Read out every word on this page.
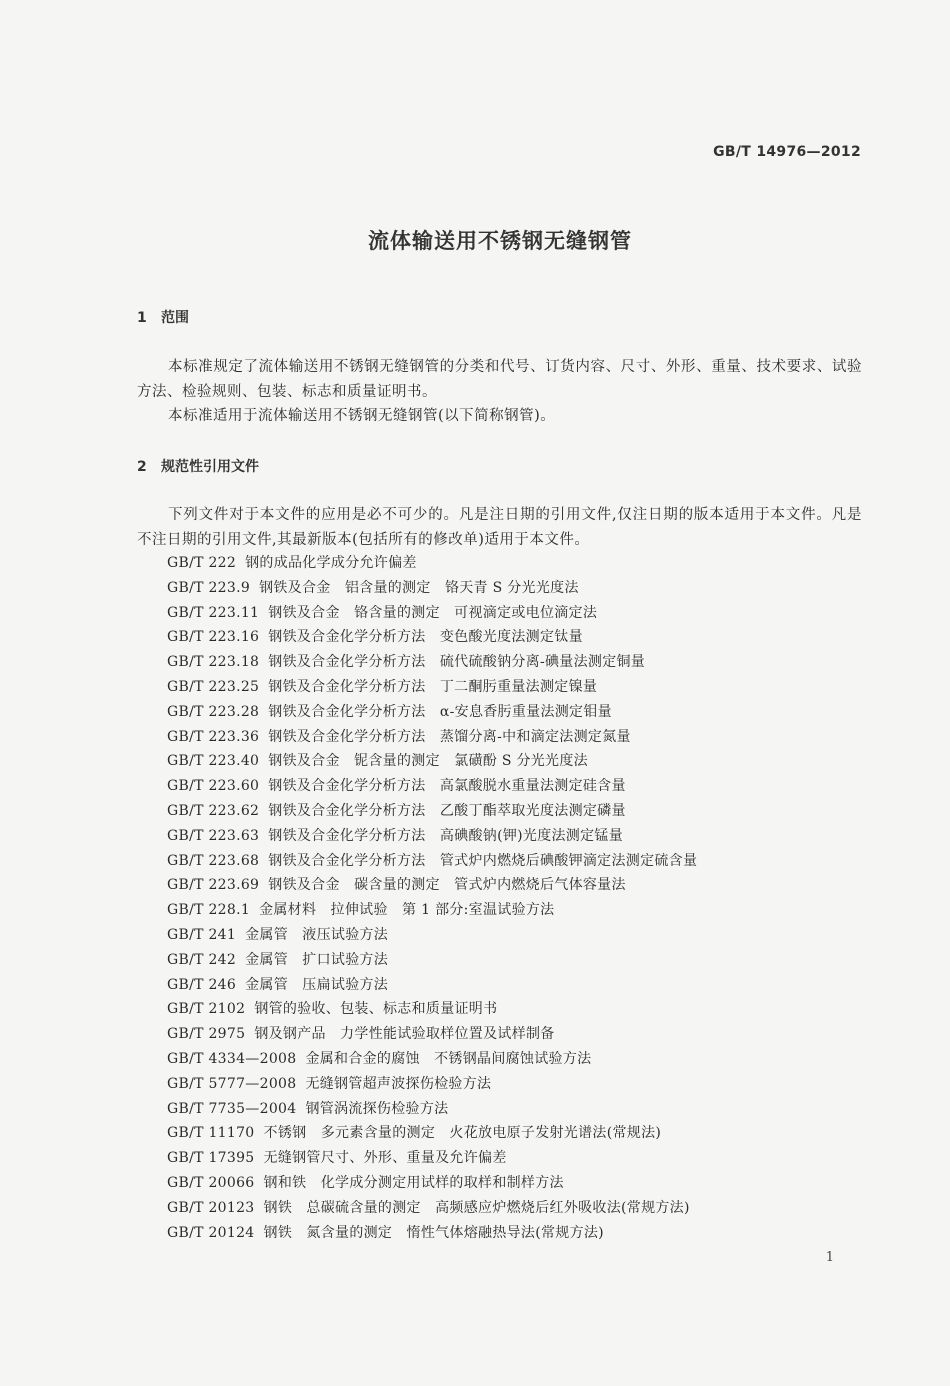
GB/T 14976—2012
流体输送用不锈钢无缝钢管
1 范围
本标准规定了流体输送用不锈钢无缝钢管的分类和代号、订货内容、尺寸、外形、重量、技术要求、试验方法、检验规则、包装、标志和质量证明书。
本标准适用于流体输送用不锈钢无缝钢管(以下简称钢管)。
2 规范性引用文件
下列文件对于本文件的应用是必不可少的。凡是注日期的引用文件,仅注日期的版本适用于本文件。凡是不注日期的引用文件,其最新版本(包括所有的修改单)适用于本文件。
GB/T 222 钢的成品化学成分允许偏差
GB/T 223.9 钢铁及合金　铝含量的测定　铬天青 S 分光光度法
GB/T 223.11 钢铁及合金　铬含量的测定　可视滴定或电位滴定法
GB/T 223.16 钢铁及合金化学分析方法　变色酸光度法测定钛量
GB/T 223.18 钢铁及合金化学分析方法　硫代硫酸钠分离-碘量法测定铜量
GB/T 223.25 钢铁及合金化学分析方法　丁二酮肟重量法测定镍量
GB/T 223.28 钢铁及合金化学分析方法　α-安息香肟重量法测定钼量
GB/T 223.36 钢铁及合金化学分析方法　蒸馏分离-中和滴定法测定氮量
GB/T 223.40 钢铁及合金　铌含量的测定　氯磺酚 S 分光光度法
GB/T 223.60 钢铁及合金化学分析方法　高氯酸脱水重量法测定硅含量
GB/T 223.62 钢铁及合金化学分析方法　乙酸丁酯萃取光度法测定磷量
GB/T 223.63 钢铁及合金化学分析方法　高碘酸钠(钾)光度法测定锰量
GB/T 223.68 钢铁及合金化学分析方法　管式炉内燃烧后碘酸钾滴定法测定硫含量
GB/T 223.69 钢铁及合金　碳含量的测定　管式炉内燃烧后气体容量法
GB/T 228.1 金属材料　拉伸试验　第 1 部分:室温试验方法
GB/T 241 金属管　液压试验方法
GB/T 242 金属管　扩口试验方法
GB/T 246 金属管　压扁试验方法
GB/T 2102 钢管的验收、包装、标志和质量证明书
GB/T 2975 钢及钢产品　力学性能试验取样位置及试样制备
GB/T 4334—2008 金属和合金的腐蚀　不锈钢晶间腐蚀试验方法
GB/T 5777—2008 无缝钢管超声波探伤检验方法
GB/T 7735—2004 钢管涡流探伤检验方法
GB/T 11170 不锈钢　多元素含量的测定　火花放电原子发射光谱法(常规法)
GB/T 17395 无缝钢管尺寸、外形、重量及允许偏差
GB/T 20066 钢和铁　化学成分测定用试样的取样和制样方法
GB/T 20123 钢铁　总碳硫含量的测定　高频感应炉燃烧后红外吸收法(常规方法)
GB/T 20124 钢铁　氮含量的测定　惰性气体熔融热导法(常规方法)
1
